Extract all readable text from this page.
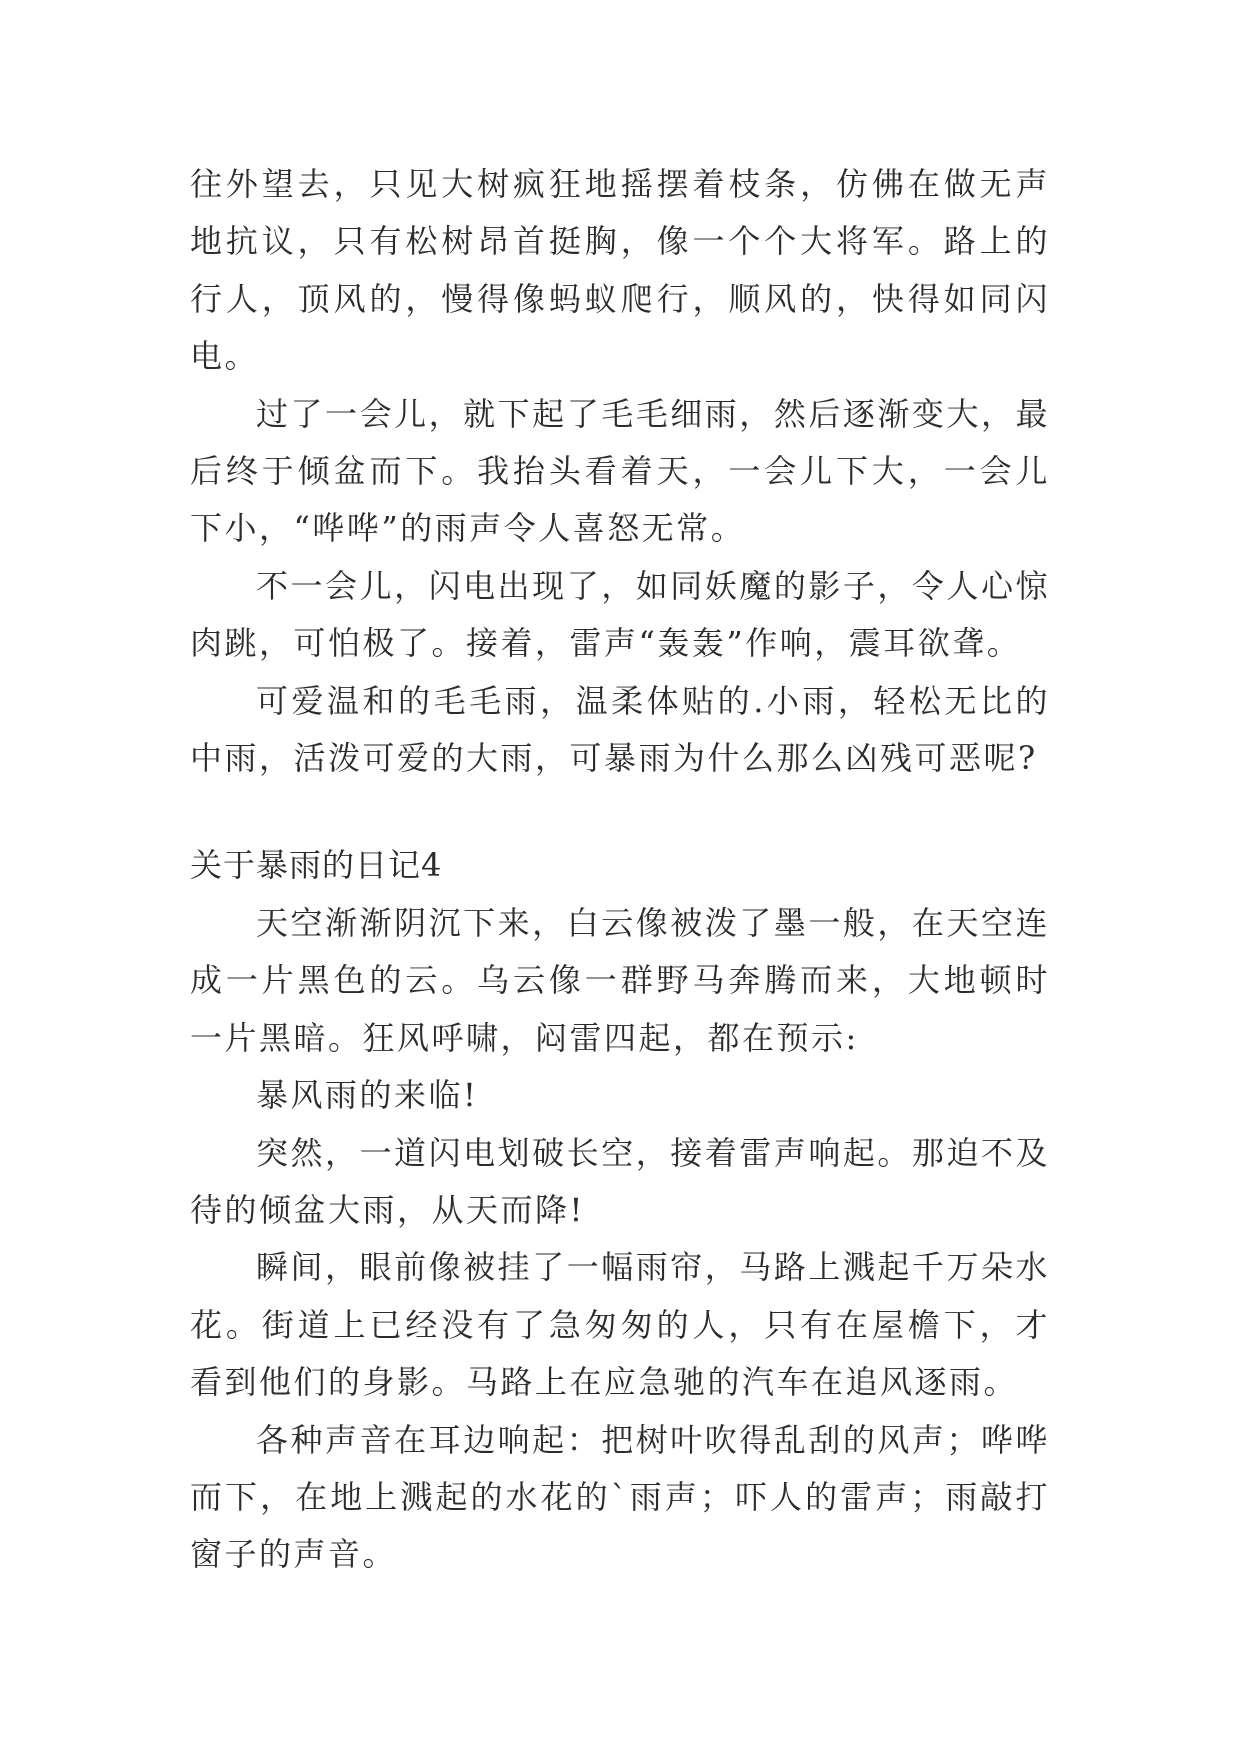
往外望去，只见大树疯狂地摇摆着枝条，仿佛在做无声地抗议，只有松树昂首挺胸，像一个个大将军。路上的行人，顶风的，慢得像蚂蚁爬行，顺风的，快得如同闪电。

过了一会儿，就下起了毛毛细雨，然后逐渐变大，最后终于倾盆而下。我抬头看着天，一会儿下大，一会儿下小，“哗哗”的雨声令人喜怒无常。

不一会儿，闪电出现了，如同妖魔的影子，令人心惊肉跳，可怕极了。接着，雷声“轰轰”作响，震耳欲聋。

可爱温和的毛毛雨，温柔体贴的.小雨，轻松无比的中雨，活泼可爱的大雨，可暴雨为什么那么凶残可恶呢?

关于暴雨的日记4

天空渐渐阴沉下来，白云像被泼了墨一般，在天空连成一片黑色的云。乌云像一群野马奔腾而来，大地顿时一片黑暗。狂风呼啸，闷雷四起，都在预示:

暴风雨的来临!

突然，一道闪电划破长空，接着雷声响起。那迫不及待的倾盆大雨，从天而降!

瞬间，眼前像被挂了一幅雨帘，马路上溅起千万朵水花。街道上已经没有了急匆匆的人，只有在屋檐下，才看到他们的身影。马路上在应急驰的汽车在追风逐雨。

各种声音在耳边响起：把树叶吹得乱刮的风声；哗哗而下，在地上溅起的水花的`雨声；吓人的雷声；雨敲打窗子的声音。
